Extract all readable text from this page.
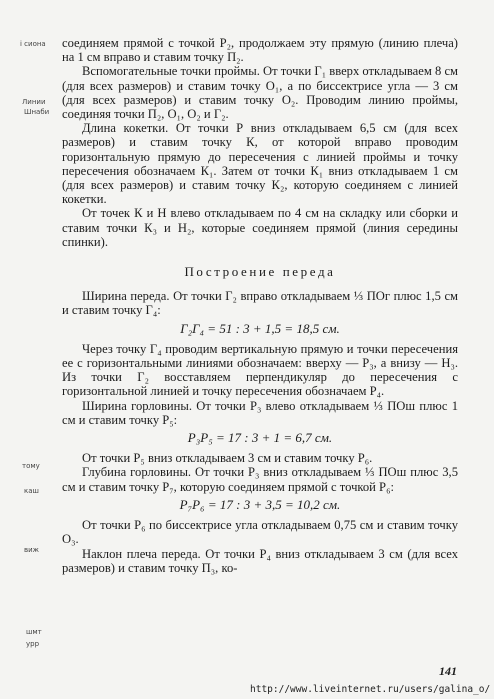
i сиона
Линии
Шнаби
тому
каш
виж
шмт
урр

соединяем прямой с точкой Р₂, продолжаем эту прямую (линию плеча) на 1 см вправо и ставим точку П₂.

Вспомогательные точки проймы. От точки Г₁ вверх откладываем 8 см (для всех размеров) и ставим точку О₁, а по биссектрисе угла — 3 см (для всех размеров) и ставим точку О₂. Проводим линию проймы, соединяя точки П₂, О₁, О₂ и Г₂.

Длина кокетки. От точки Р вниз откладываем 6,5 см (для всех размеров) и ставим точку К, от которой вправо проводим горизонтальную прямую до пересечения с линией проймы и точку пересечения обозначаем К₁. Затем от точки К₁ вниз откладываем 1 см (для всех размеров) и ставим точку К₂, которую соединяем с линией кокетки.

От точек К и Н влево откладываем по 4 см на складку или сборки и ставим точки К₃ и Н₂, которые соединяем прямой (линия середины спинки).

Построение переда

Ширина переда. От точки Г₂ вправо откладываем ⅓ ПОг плюс 1,5 см и ставим точку Г₄:

Г₂Г₄ = 51 : 3 + 1,5 = 18,5 см.

Через точку Г₄ проводим вертикальную прямую и точки пересечения ее с горизонтальными линиями обозначаем: вверху — Р₃, а внизу — Н₃. Из точки Г₂ восставляем перпендикуляр до пересечения с горизонтальной линией и точку пересечения обозначаем Р₄.

Ширина горловины. От точки Р₃ влево откладываем ⅓ ПОш плюс 1 см и ставим точку Р₅:

Р₃Р₅ = 17 : 3 + 1 = 6,7 см.

От точки Р₅ вниз откладываем 3 см и ставим точку Р₆.

Глубина горловины. От точки Р₃ вниз откладываем ⅓ ПОш плюс 3,5 см и ставим точку Р₇, которую соединяем прямой с точкой Р₆:

Р₇Р₆ = 17 : 3 + 3,5 = 10,2 см.

От точки Р₆ по биссектрисе угла откладываем 0,75 см и ставим точку О₃.

Наклон плеча переда. От точки Р₄ вниз откладываем 3 см (для всех размеров) и ставим точку П₃, ко-

141
http://www.liveinternet.ru/users/galina_o/
